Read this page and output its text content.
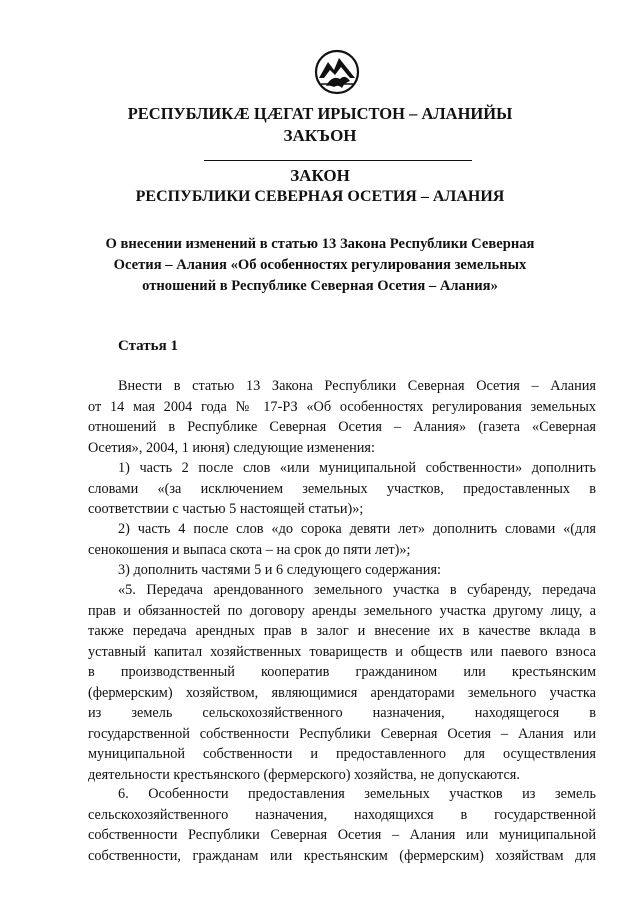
РЕСПУБЛИКӔ ЦӔГАТ ИРЫСТОН – АЛАНИЙЫ
ЗАКЪОН
ЗАКОН
РЕСПУБЛИКИ СЕВЕРНАЯ ОСЕТИЯ – АЛАНИЯ
О внесении изменений в статью 13 Закона Республики Северная
Осетия – Алания «Об особенностях регулирования земельных
отношений в Республике Северная Осетия – Алания»
Статья 1
Внести в статью 13 Закона Республики Северная Осетия – Алания
от 14 мая 2004 года № 17-РЗ «Об особенностях регулирования земельных
отношений в Республике Северная Осетия – Алания» (газета «Северная
Осетия», 2004, 1 июня) следующие изменения:
1) часть 2 после слов «или муниципальной собственности» дополнить
словами «(за исключением земельных участков, предоставленных в
соответствии с частью 5 настоящей статьи)»;
2) часть 4 после слов «до сорока девяти лет» дополнить словами «(для
сенокошения и выпаса скота – на срок до пяти лет)»;
3) дополнить частями 5 и 6 следующего содержания:
«5. Передача арендованного земельного участка в субаренду, передача
прав и обязанностей по договору аренды земельного участка другому лицу, а
также передача арендных прав в залог и внесение их в качестве вклада в
уставный капитал хозяйственных товариществ и обществ или паевого взноса
в производственный кооператив гражданином или крестьянским
(фермерским) хозяйством, являющимися арендаторами земельного участка
из земель сельскохозяйственного назначения, находящегося в
государственной собственности Республики Северная Осетия – Алания или
муниципальной собственности и предоставленного для осуществления
деятельности крестьянского (фермерского) хозяйства, не допускаются.
6. Особенности предоставления земельных участков из земель
сельскохозяйственного назначения, находящихся в государственной
собственности Республики Северная Осетия – Алания или муниципальной
собственности, гражданам или крестьянским (фермерским) хозяйствам для
